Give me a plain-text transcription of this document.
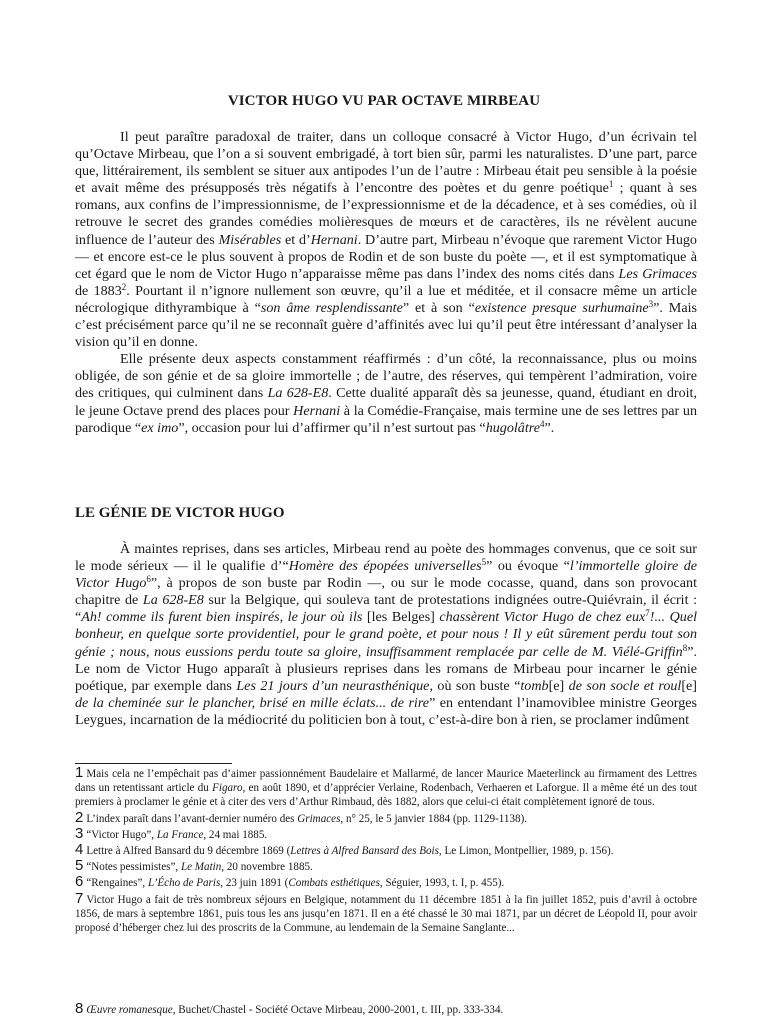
VICTOR HUGO VU PAR OCTAVE MIRBEAU

Il peut paraître paradoxal de traiter, dans un colloque consacré à Victor Hugo, d’un écrivain tel qu’Octave Mirbeau, que l’on a si souvent embrigadé, à tort bien sûr, parmi les naturalistes. D’une part, parce que, littérairement, ils semblent se situer aux antipodes l’un de l’autre : Mirbeau était peu sensible à la poésie et avait même des présupposés très négatifs à l’encontre des poètes et du genre poétique$^1$ ; quant à ses romans, aux confins de l’impressionnisme, de l’expressionnisme et de la décadence, et à ses comédies, où il retrouve le secret des grandes comédies molièresques de mœurs et de caractères, ils ne révèlent aucune influence de l’auteur des Misérables et d’Hernani. D’autre part, Mirbeau n’évoque que rarement Victor Hugo — et encore est-ce le plus souvent à propos de Rodin et de son buste du poète —, et il est symptomatique à cet égard que le nom de Victor Hugo n’apparaisse même pas dans l’index des noms cités dans Les Grimaces de 1883$^2$. Pourtant il n’ignore nullement son œuvre, qu’il a lue et méditée, et il consacre même un article nécrologique dithyrambique à “son âme resplendissante” et à son “existence presque surhumaine$^3$”. Mais c’est précisément parce qu’il ne se reconnaît guère d’affinités avec lui qu’il peut être intéressant d’analyser la vision qu’il en donne.

Elle présente deux aspects constamment réaffirmés : d’un côté, la reconnaissance, plus ou moins obligée, de son génie et de sa gloire immortelle ; de l’autre, des réserves, qui tempèrent l’admiration, voire des critiques, qui culminent dans La 628-E8. Cette dualité apparaît dès sa jeunesse, quand, étudiant en droit, le jeune Octave prend des places pour Hernani à la Comédie-Française, mais termine une de ses lettres par un parodique “ex imo”, occasion pour lui d’affirmer qu’il n’est surtout pas “hugolâtre$^4$”.

LE GÉNIE DE VICTOR HUGO

À maintes reprises, dans ses articles, Mirbeau rend au poète des hommages convenus, que ce soit sur le mode sérieux — il le qualifie d’“Homère des épopées universelles$^5$” ou évoque “l’immortelle gloire de Victor Hugo$^6$”, à propos de son buste par Rodin —, ou sur le mode cocasse, quand, dans son provocant chapitre de La 628-E8 sur la Belgique, qui souleva tant de protestations indignées outre-Quiévrain, il écrit : “Ah! comme ils furent bien inspirés, le jour où ils [les Belges] chassèrent Victor Hugo de chez eux$^7$!... Quel bonheur, en quelque sorte providentiel, pour le grand poète, et pour nous ! Il y eût sûrement perdu tout son génie ; nous, nous eussions perdu toute sa gloire, insuffisamment remplacée par celle de M. Viélé-Griffin$^8$”. Le nom de Victor Hugo apparaît à plusieurs reprises dans les romans de Mirbeau pour incarner le génie poétique, par exemple dans Les 21 jours d’un neurasthénique, où son buste “tomb[e] de son socle et roul[e] de la cheminée sur le plancher, brisé en mille éclats... de rire” en entendant l’inamoviblee ministre Georges Leygues, incarnation de la médiocrité du politicien bon à tout, c’est-à-dire bon à rien, se proclamer indûment

1 Mais cela ne l’empêchait pas d’aimer passionnément Baudelaire et Mallarmé, de lancer Maurice Maeterlinck au firmament des Lettres dans un retentissant article du Figaro, en août 1890, et d’apprécier Verlaine, Rodenbach, Verhaeren et Laforgue. Il a même été un des tout premiers à proclamer le génie et à citer des vers d’Arthur Rimbaud, dès 1882, alors que celui-ci était complètement ignoré de tous.
2 L’index paraît dans l’avant-dernier numéro des Grimaces, n° 25, le 5 janvier 1884 (pp. 1129-1138).
3 “Victor Hugo”, La France, 24 mai 1885.
4 Lettre à Alfred Bansard du 9 décembre 1869 (Lettres à Alfred Bansard des Bois, Le Limon, Montpellier, 1989, p. 156).
5 “Notes pessimistes”, Le Matin, 20 novembre 1885.
6 “Rengaines”, L’Écho de Paris, 23 juin 1891 (Combats esthétiques, Séguier, 1993, t. I, p. 455).
7 Victor Hugo a fait de très nombreux séjours en Belgique, notamment du 11 décembre 1851 à la fin juillet 1852, puis d’avril à octobre 1856, de mars à septembre 1861, puis tous les ans jusqu’en 1871. Il en a été chassé le 30 mai 1871, par un décret de Léopold II, pour avoir proposé d’héberger chez lui des proscrits de la Commune, au lendemain de la Semaine Sanglante...
8 Œuvre romanesque, Buchet/Chastel - Société Octave Mirbeau, 2000-2001, t. III, pp. 333-334.
